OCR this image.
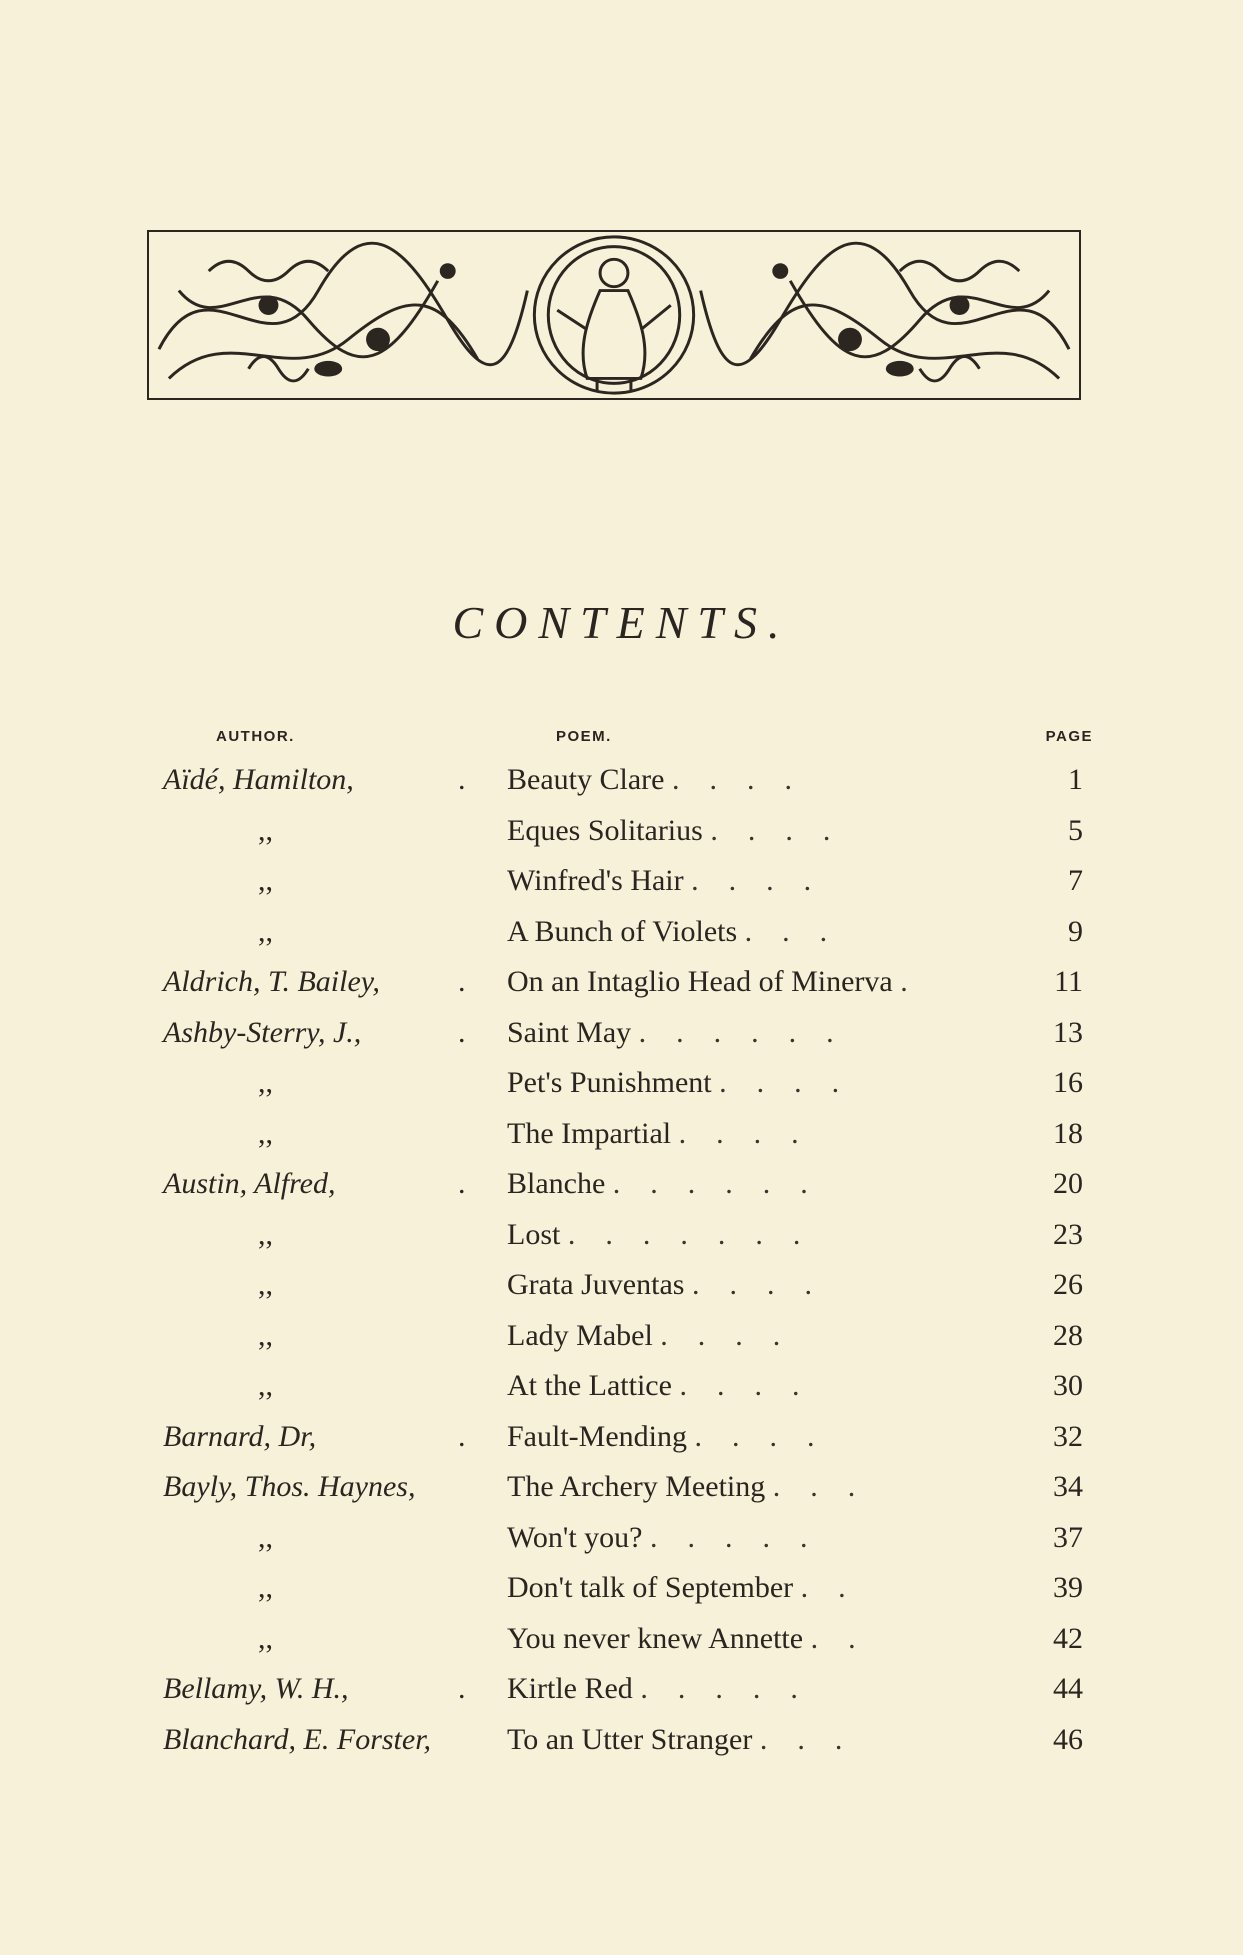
CONTENTS.
AUTHOR.	POEM.	PAGE
Aïdé, Hamilton,	. Beauty Clare .    .    .    .	1
,,	Eques Solitarius .    .    .    .	5
,,	Winfred's Hair .    .    .    .	7
,,	A Bunch of Violets .    .    .	9
Aldrich, T. Bailey,	. On an Intaglio Head of Minerva .	11
Ashby-Sterry, J.,	. Saint May .    .    .    .    .    .	13
,,	Pet's Punishment .    .    .    .	16
,,	The Impartial .    .    .    .	18
Austin, Alfred,	. Blanche .    .    .    .    .    .	20
,,	Lost .    .    .    .    .    .    .	23
,,	Grata Juventas .    .    .    .	26
,,	Lady Mabel .    .    .    .	28
,,	At the Lattice .    .    .    .	30
Barnard, Dr,	. Fault-Mending .    .    .    .	32
Bayly, Thos. Haynes,	The Archery Meeting .    .    .	34
,,	Won't you? .    .    .    .    .	37
,,	Don't talk of September .    .	39
,,	You never knew Annette .    .	42
Bellamy, W. H.,	. Kirtle Red .    .    .    .    .	44
Blanchard, E. Forster,	To an Utter Stranger .    .    .	46
